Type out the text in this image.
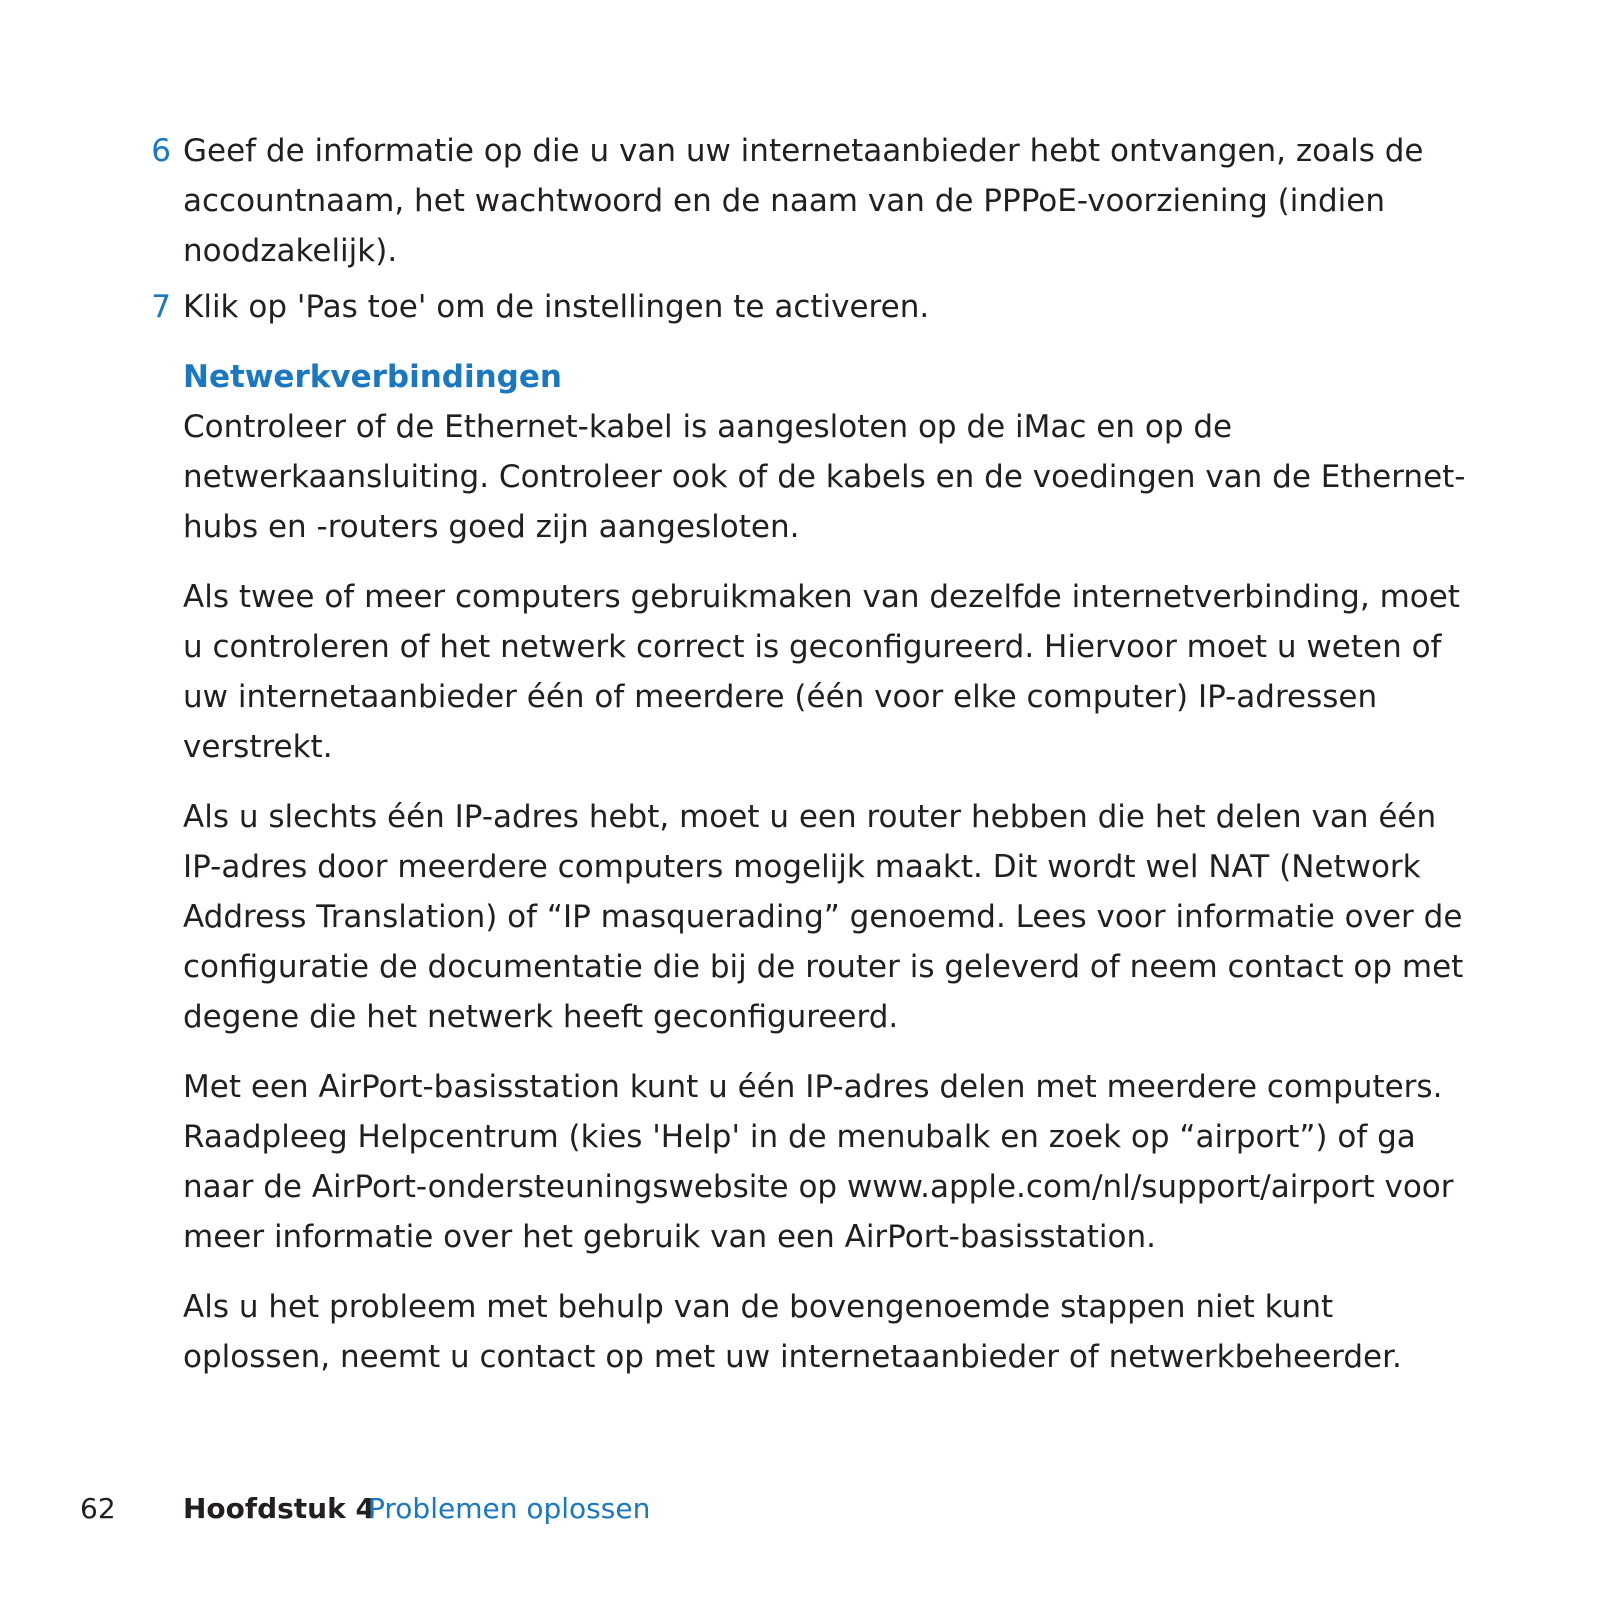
6 Geef de informatie op die u van uw internetaanbieder hebt ontvangen, zoals de accountnaam, het wachtwoord en de naam van de PPPoE-voorziening (indien noodzakelijk).
7 Klik op 'Pas toe' om de instellingen te activeren.
Netwerkverbindingen

Controleer of de Ethernet-kabel is aangesloten op de iMac en op de netwerkaansluiting. Controleer ook of de kabels en de voedingen van de Ethernet-hubs en -routers goed zijn aangesloten.

Als twee of meer computers gebruikmaken van dezelfde internetverbinding, moet u controleren of het netwerk correct is geconfigureerd. Hiervoor moet u weten of uw internetaanbieder één of meerdere (één voor elke computer) IP-adressen verstrekt.

Als u slechts één IP-adres hebt, moet u een router hebben die het delen van één IP-adres door meerdere computers mogelijk maakt. Dit wordt wel NAT (Network Address Translation) of “IP masquerading” genoemd. Lees voor informatie over de configuratie de documentatie die bij de router is geleverd of neem contact op met degene die het netwerk heeft geconfigureerd.

Met een AirPort-basisstation kunt u één IP-adres delen met meerdere computers. Raadpleeg Helpcentrum (kies 'Help' in de menubalk en zoek op “airport”) of ga naar de AirPort-ondersteuningswebsite op www.apple.com/nl/support/airport voor meer informatie over het gebruik van een AirPort-basisstation.

Als u het probleem met behulp van de bovengenoemde stappen niet kunt oplossen, neemt u contact op met uw internetaanbieder of netwerkbeheerder.

62 Hoofdstuk 4
Problemen oplossen
